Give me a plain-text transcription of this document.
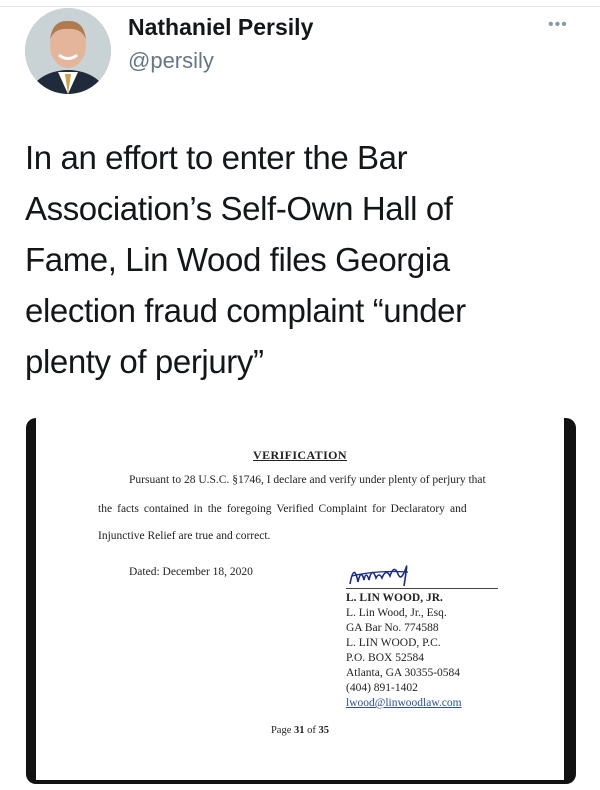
Nathaniel Persily
@persily
•••
In an effort to enter the Bar
Association’s Self-Own Hall of
Fame, Lin Wood files Georgia
election fraud complaint “under
plenty of perjury”
VERIFICATION
Pursuant to 28 U.S.C. §1746, I declare and verify under plenty of perjury that
the facts contained in the foregoing Verified Complaint for Declaratory and
Injunctive Relief are true and correct.
Dated: December 18, 2020
L. LIN WOOD, JR.
L. Lin Wood, Jr., Esq.
GA Bar No. 774588
L. LIN WOOD, P.C.
P.O. BOX 52584
Atlanta, GA 30355-0584
(404) 891-1402
lwood@linwoodlaw.com
Page 31 of 35
